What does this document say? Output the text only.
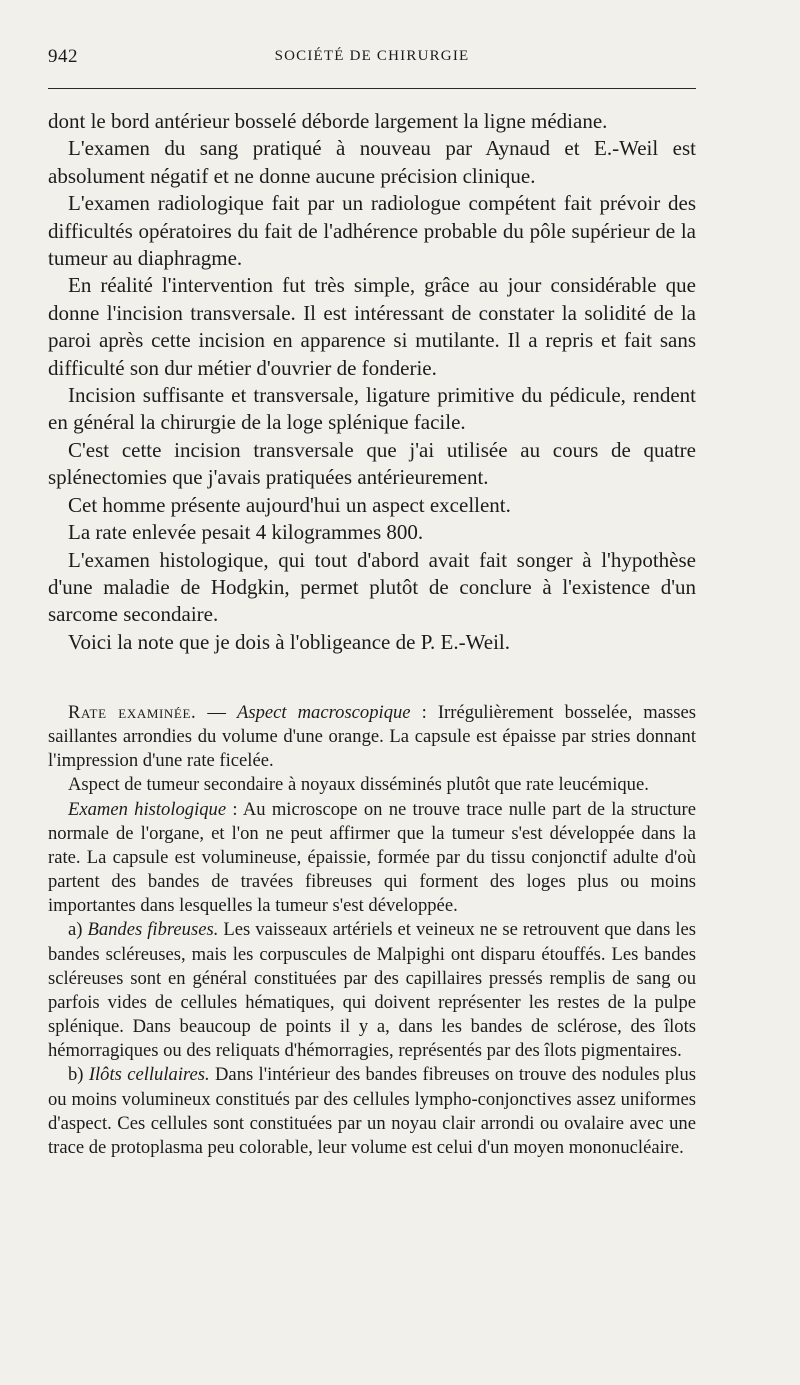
942	SOCIÉTÉ DE CHIRURGIE

dont le bord antérieur bosselé déborde largement la ligne médiane.

L'examen du sang pratiqué à nouveau par Aynaud et E.-Weil est absolument négatif et ne donne aucune précision clinique.

L'examen radiologique fait par un radiologue compétent fait prévoir des difficultés opératoires du fait de l'adhérence probable du pôle supérieur de la tumeur au diaphragme.

En réalité l'intervention fut très simple, grâce au jour considérable que donne l'incision transversale. Il est intéressant de constater la solidité de la paroi après cette incision en apparence si mutilante. Il a repris et fait sans difficulté son dur métier d'ouvrier de fonderie.

Incision suffisante et transversale, ligature primitive du pédicule, rendent en général la chirurgie de la loge splénique facile.

C'est cette incision transversale que j'ai utilisée au cours de quatre splénectomies que j'avais pratiquées antérieurement.

Cet homme présente aujourd'hui un aspect excellent.

La rate enlevée pesait 4 kilogrammes 800.

L'examen histologique, qui tout d'abord avait fait songer à l'hypothèse d'une maladie de Hodgkin, permet plutôt de conclure à l'existence d'un sarcome secondaire.

Voici la note que je dois à l'obligeance de P. E.-Weil.

Rate examinée. — Aspect macroscopique : Irrégulièrement bosselée, masses saillantes arrondies du volume d'une orange. La capsule est épaisse par stries donnant l'impression d'une rate ficelée.

Aspect de tumeur secondaire à noyaux disséminés plutôt que rate leucémique.

Examen histologique : Au microscope on ne trouve trace nulle part de la structure normale de l'organe, et l'on ne peut affirmer que la tumeur s'est développée dans la rate. La capsule est volumineuse, épaissie, formée par du tissu conjonctif adulte d'où partent des bandes de travées fibreuses qui forment des loges plus ou moins importantes dans lesquelles la tumeur s'est développée.

a) Bandes fibreuses. Les vaisseaux artériels et veineux ne se retrouvent que dans les bandes scléreuses, mais les corpuscules de Malpighi ont disparu étouffés. Les bandes scléreuses sont en général constituées par des capillaires pressés remplis de sang ou parfois vides de cellules hématiques, qui doivent représenter les restes de la pulpe splénique. Dans beaucoup de points il y a, dans les bandes de sclérose, des îlots hémorragiques ou des reliquats d'hémorragies, représentés par des îlots pigmentaires.

b) Ilôts cellulaires. Dans l'intérieur des bandes fibreuses on trouve des nodules plus ou moins volumineux constitués par des cellules lympho-conjonctives assez uniformes d'aspect. Ces cellules sont constituées par un noyau clair arrondi ou ovalaire avec une trace de protoplasma peu colorable, leur volume est celui d'un moyen mononucléaire.
